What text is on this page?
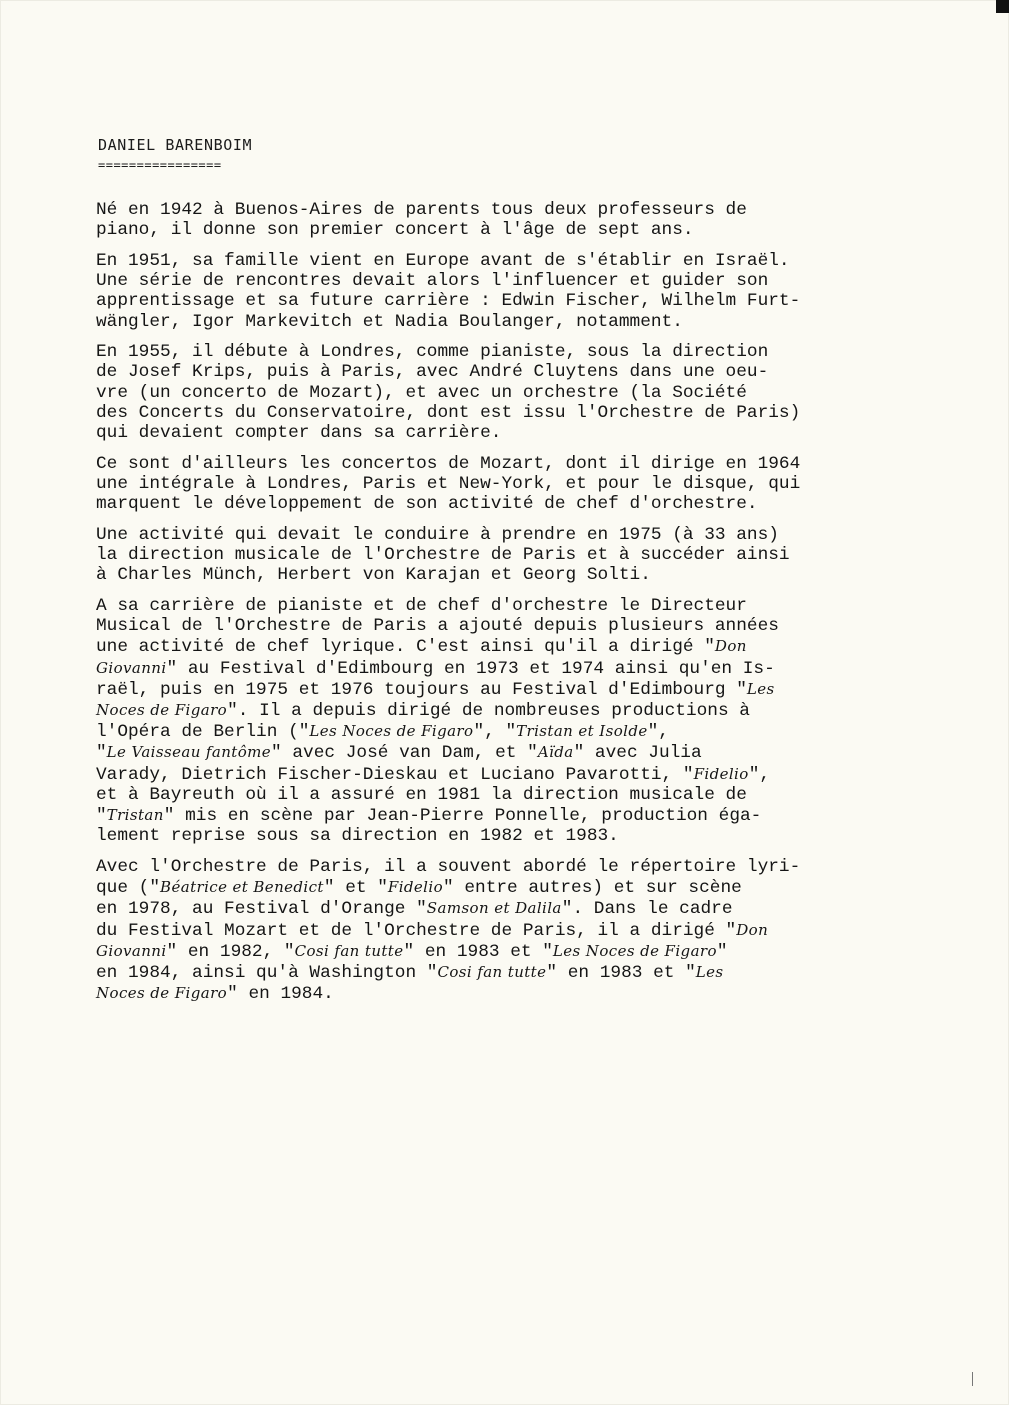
DANIEL BARENBOIM
================
Né en 1942 à Buenos-Aires de parents tous deux professeurs de
piano, il donne son premier concert à l'âge de sept ans.
En 1951, sa famille vient en Europe avant de s'établir en Israël.
Une série de rencontres devait alors l'influencer et guider son
apprentissage et sa future carrière : Edwin Fischer, Wilhelm Furt-
wängler, Igor Markevitch et Nadia Boulanger, notamment.
En 1955, il débute à Londres, comme pianiste, sous la direction
de Josef Krips, puis à Paris, avec André Cluytens dans une oeu-
vre (un concerto de Mozart), et avec un orchestre (la Société
des Concerts du Conservatoire, dont est issu l'Orchestre de Paris)
qui devaient compter dans sa carrière.
Ce sont d'ailleurs les concertos de Mozart, dont il dirige en 1964
une intégrale à Londres, Paris et New-York, et pour le disque, qui
marquent le développement de son activité de chef d'orchestre.
Une activité qui devait le conduire à prendre en 1975 (à 33 ans)
la direction musicale de l'Orchestre de Paris et à succéder ainsi
à Charles Münch, Herbert von Karajan et Georg Solti.
A sa carrière de pianiste et de chef d'orchestre le Directeur
Musical de l'Orchestre de Paris a ajouté depuis plusieurs années
une activité de chef lyrique. C'est ainsi qu'il a dirigé "Don
Giovanni" au Festival d'Edimbourg en 1973 et 1974 ainsi qu'en Is-
raël, puis en 1975 et 1976 toujours au Festival d'Edimbourg "Les
Noces de Figaro". Il a depuis dirigé de nombreuses productions à
l'Opéra de Berlin ("Les Noces de Figaro", "Tristan et Isolde",
"Le Vaisseau fantôme" avec José van Dam, et "Aïda" avec Julia
Varady, Dietrich Fischer-Dieskau et Luciano Pavarotti, "Fidelio",
et à Bayreuth où il a assuré en 1981 la direction musicale de
"Tristan" mis en scène par Jean-Pierre Ponnelle, production éga-
lement reprise sous sa direction en 1982 et 1983.
Avec l'Orchestre de Paris, il a souvent abordé le répertoire lyri-
que ("Béatrice et Benedict" et "Fidelio" entre autres) et sur scène
en 1978, au Festival d'Orange "Samson et Dalila". Dans le cadre
du Festival Mozart et de l'Orchestre de Paris, il a dirigé "Don
Giovanni" en 1982, "Cosi fan tutte" en 1983 et "Les Noces de Figaro"
en 1984, ainsi qu'à Washington "Cosi fan tutte" en 1983 et "Les
Noces de Figaro" en 1984.
